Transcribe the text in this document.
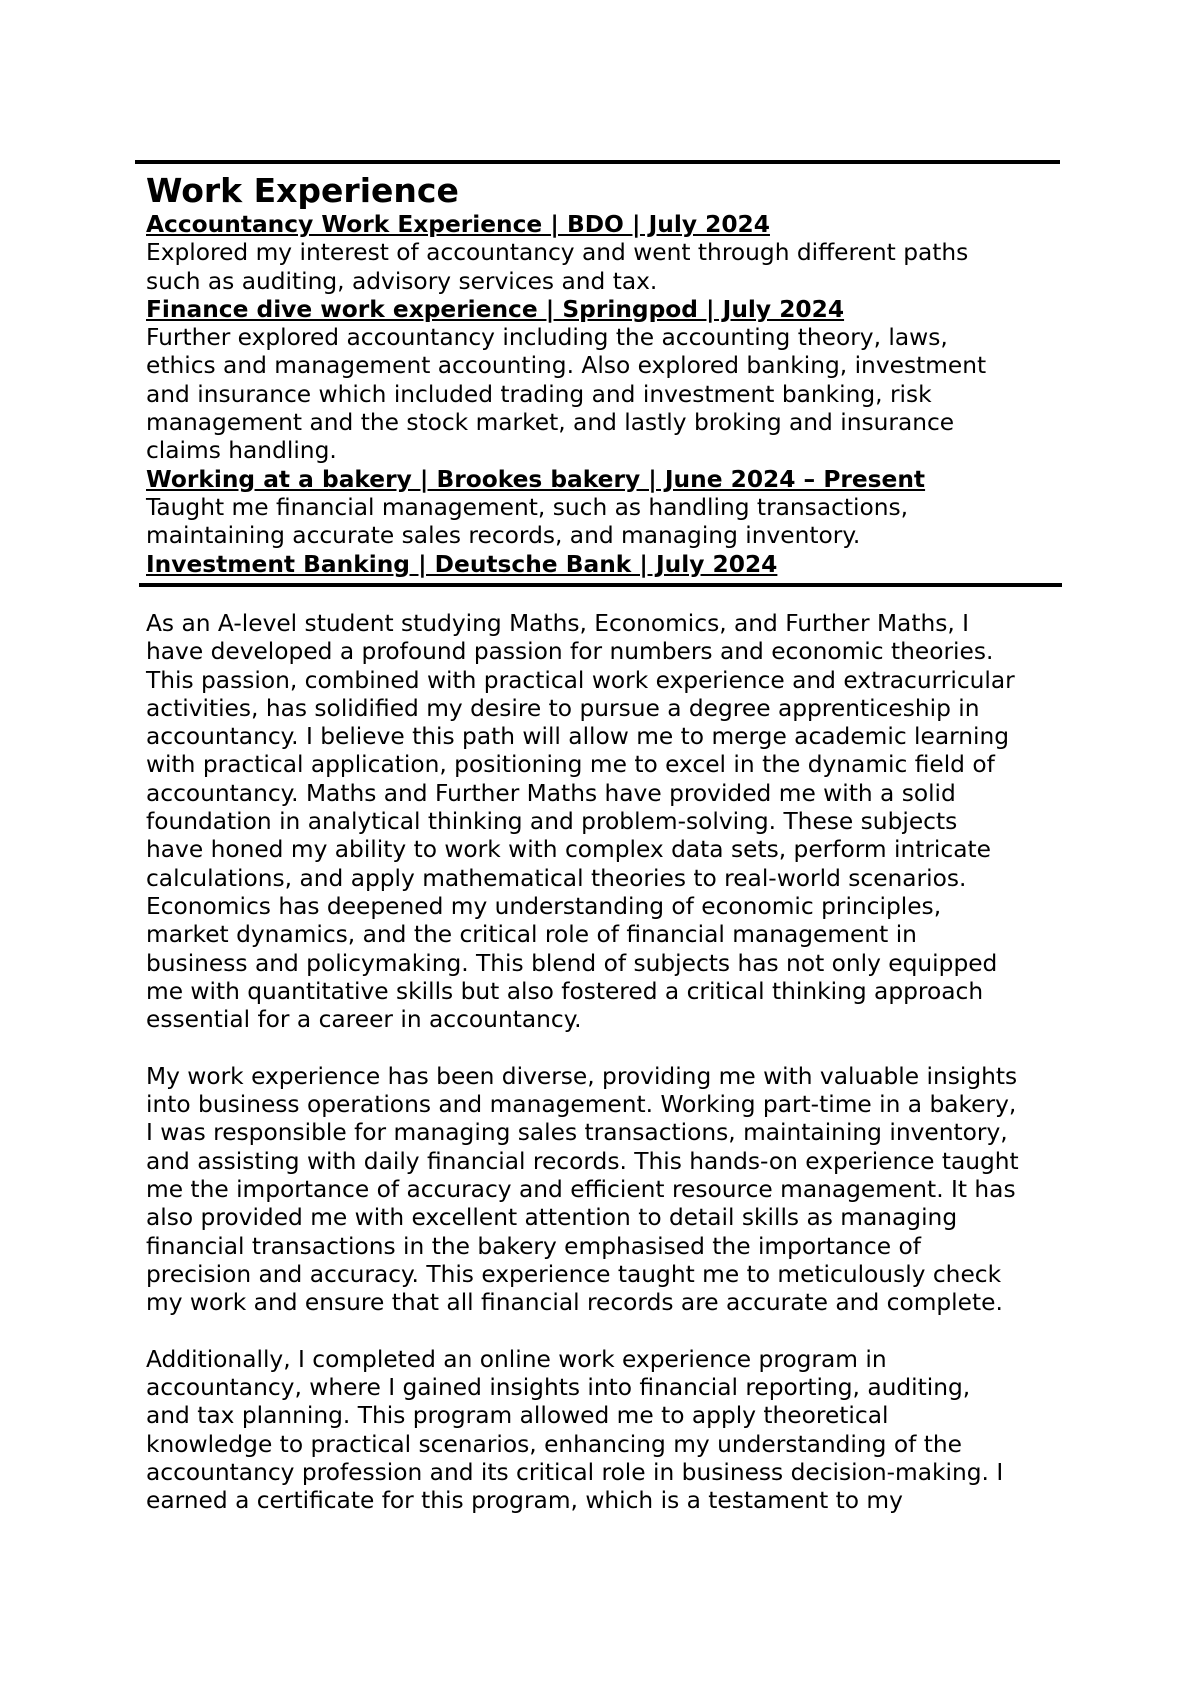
Work Experience
Accountancy Work Experience | BDO | July 2024
Explored my interest of accountancy and went through different paths
such as auditing, advisory services and tax.
Finance dive work experience | Springpod | July 2024
Further explored accountancy including the accounting theory, laws,
ethics and management accounting. Also explored banking, investment
and insurance which included trading and investment banking, risk
management and the stock market, and lastly broking and insurance
claims handling.
Working at a bakery | Brookes bakery | June 2024 – Present
Taught me financial management, such as handling transactions,
maintaining accurate sales records, and managing inventory.
Investment Banking | Deutsche Bank | July 2024
As an A-level student studying Maths, Economics, and Further Maths, I
have developed a profound passion for numbers and economic theories.
This passion, combined with practical work experience and extracurricular
activities, has solidified my desire to pursue a degree apprenticeship in
accountancy. I believe this path will allow me to merge academic learning
with practical application, positioning me to excel in the dynamic field of
accountancy. Maths and Further Maths have provided me with a solid
foundation in analytical thinking and problem-solving. These subjects
have honed my ability to work with complex data sets, perform intricate
calculations, and apply mathematical theories to real-world scenarios.
Economics has deepened my understanding of economic principles,
market dynamics, and the critical role of financial management in
business and policymaking. This blend of subjects has not only equipped
me with quantitative skills but also fostered a critical thinking approach
essential for a career in accountancy.
My work experience has been diverse, providing me with valuable insights
into business operations and management. Working part-time in a bakery,
I was responsible for managing sales transactions, maintaining inventory,
and assisting with daily financial records. This hands-on experience taught
me the importance of accuracy and efficient resource management. It has
also provided me with excellent attention to detail skills as managing
financial transactions in the bakery emphasised the importance of
precision and accuracy. This experience taught me to meticulously check
my work and ensure that all financial records are accurate and complete.
Additionally, I completed an online work experience program in
accountancy, where I gained insights into financial reporting, auditing,
and tax planning. This program allowed me to apply theoretical
knowledge to practical scenarios, enhancing my understanding of the
accountancy profession and its critical role in business decision-making. I
earned a certificate for this program, which is a testament to my
